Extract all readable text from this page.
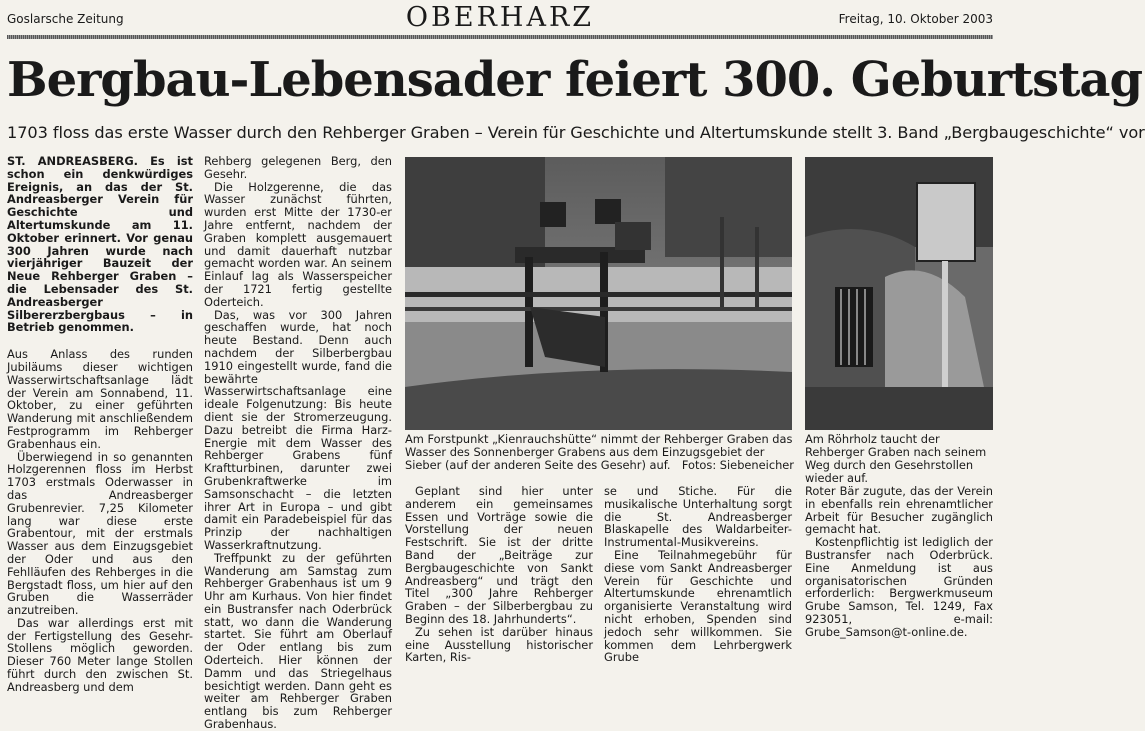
Goslarsche Zeitung	OBERHARZ	Freitag, 10. Oktober 2003
Bergbau-Lebensader feiert 300. Geburtstag
1703 floss das erste Wasser durch den Rehberger Graben – Verein für Geschichte und Altertumskunde stellt 3. Band „Bergbaugeschichte“ vor

ST. ANDREASBERG. Es ist schon ein denkwürdiges Ereignis, an das der St. Andreasberger Verein für Geschichte und Altertumskunde am 11. Oktober erinnert. Vor genau 300 Jahren wurde nach vierjähriger Bauzeit der Neue Rehberger Graben – die Lebensader des St. Andreasberger Silbererzbergbaus – in Betrieb genommen.

Aus Anlass des runden Jubiläums dieser wichtigen Wasserwirtschaftsanlage lädt der Verein am Sonnabend, 11. Oktober, zu einer geführten Wanderung mit anschließendem Festprogramm im Rehberger Grabenhaus ein.

Überwiegend in so genannten Holzgerennen floss im Herbst 1703 erstmals Oderwasser in das Andreasberger Grubenrevier. 7,25 Kilometer lang war diese erste Grabentour, mit der erstmals Wasser aus dem Einzugsgebiet der Oder und aus den Fehlläufen des Rehberges in die Bergstadt floss, um hier auf den Gruben die Wasserräder anzutreiben.

Das war allerdings erst mit der Fertigstellung des Gesehr-Stollens möglich geworden. Dieser 760 Meter lange Stollen führt durch den zwischen St. Andreasberg und dem

Rehberg gelegenen Berg, den Gesehr.

Die Holzgerenne, die das Wasser zunächst führten, wurden erst Mitte der 1730-er Jahre entfernt, nachdem der Graben komplett ausgemauert und damit dauerhaft nutzbar gemacht worden war. An seinem Einlauf lag als Wasserspeicher der 1721 fertig gestellte Oderteich.

Das, was vor 300 Jahren geschaffen wurde, hat noch heute Bestand. Denn auch nachdem der Silberbergbau 1910 eingestellt wurde, fand die bewährte Wasserwirtschaftsanlage eine ideale Folgenutzung: Bis heute dient sie der Stromerzeugung. Dazu betreibt die Firma Harz-Energie mit dem Wasser des Rehberger Grabens fünf Kraftturbinen, darunter zwei Grubenkraftwerke im Samsonschacht – die letzten ihrer Art in Europa – und gibt damit ein Paradebeispiel für das Prinzip der nachhaltigen Wasserkraftnutzung.

Treffpunkt zu der geführten Wanderung am Samstag zum Rehberger Grabenhaus ist um 9 Uhr am Kurhaus. Von hier findet ein Bustransfer nach Oderbrück statt, wo dann die Wanderung startet. Sie führt am Oberlauf der Oder entlang bis zum Oderteich. Hier können der Damm und das Striegelhaus besichtigt werden. Dann geht es weiter am Rehberger Graben entlang bis zum Rehberger Grabenhaus.

Am Forstpunkt „Kienrauchshütte“ nimmt der Rehberger Graben das Wasser des Sonnenberger Grabens aus dem Einzugsgebiet der Sieber (auf der anderen Seite des Gesehr) auf. Fotos: Siebeneicher
Am Röhrholz taucht der Rehberger Graben nach seinem Weg durch den Gesehrstollen wieder auf.

Geplant sind hier unter anderem ein gemeinsames Essen und Vorträge sowie die Vorstellung der neuen Festschrift. Sie ist der dritte Band der „Beiträge zur Bergbaugeschichte von Sankt Andreasberg“ und trägt den Titel „300 Jahre Rehberger Graben – der Silberbergbau zu Beginn des 18. Jahrhunderts“.

Zu sehen ist darüber hinaus eine Ausstellung historischer Karten, Ris-

se und Stiche. Für die musikalische Unterhaltung sorgt die St. Andreasberger Blaskapelle des Waldarbeiter-Instrumental-Musikvereins.

Eine Teilnahmegebühr für diese vom Sankt Andreasberger Verein für Geschichte und Altertumskunde ehrenamtlich organisierte Veranstaltung wird nicht erhoben, Spenden sind jedoch sehr willkommen. Sie kommen dem Lehrbergwerk Grube

Roter Bär zugute, das der Verein in ebenfalls rein ehrenamtlicher Arbeit für Besucher zugänglich gemacht hat.

Kostenpflichtig ist lediglich der Bustransfer nach Oderbrück. Eine Anmeldung ist aus organisatorischen Gründen erforderlich: Bergwerkmuseum Grube Samson, Tel. 1249, Fax 923051, e-mail: Grube_Samson@t-online.de.
